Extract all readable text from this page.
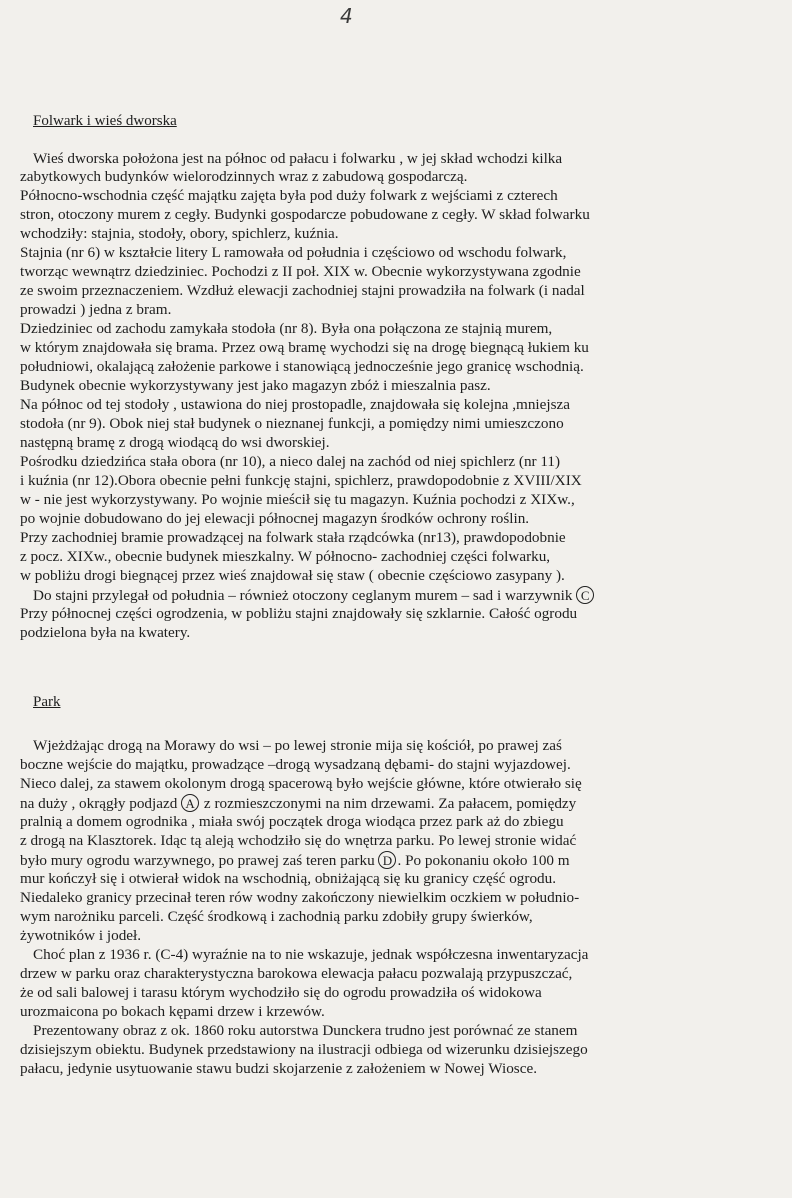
4
Folwark i wieś dworska
Wieś dworska położona jest na północ od pałacu i folwarku , w jej skład wchodzi kilka
zabytkowych budynków wielorodzinnych wraz z zabudową gospodarczą.
Północno-wschodnia część majątku zajęta była pod duży folwark z wejściami z czterech
stron, otoczony murem z cegły. Budynki gospodarcze pobudowane z cegły. W skład folwarku
wchodziły: stajnia, stodoły, obory, spichlerz, kuźnia.
Stajnia (nr 6) w kształcie litery L ramowała od południa i częściowo od wschodu folwark,
tworząc wewnątrz dziedziniec. Pochodzi z II poł. XIX w. Obecnie wykorzystywana zgodnie
ze swoim przeznaczeniem. Wzdłuż elewacji zachodniej stajni prowadziła na folwark (i nadal
prowadzi ) jedna z bram.
Dziedziniec od zachodu zamykała stodoła (nr 8). Była ona połączona ze stajnią murem,
w którym znajdowała się brama. Przez ową bramę wychodzi się na drogę biegnącą łukiem ku
południowi, okalającą założenie parkowe i stanowiącą jednocześnie jego granicę wschodnią.
Budynek obecnie wykorzystywany jest jako magazyn zbóż i mieszalnia pasz.
Na północ od tej stodoły , ustawiona do niej prostopadle, znajdowała się kolejna ,mniejsza
stodoła (nr 9). Obok niej stał budynek o nieznanej funkcji, a pomiędzy nimi umieszczono
następną bramę z drogą wiodącą do wsi dworskiej.
Pośrodku dziedzińca stała obora (nr 10), a nieco dalej na zachód od niej spichlerz (nr 11)
i kuźnia (nr 12).Obora obecnie pełni funkcję stajni, spichlerz, prawdopodobnie z XVIII/XIX
w - nie jest wykorzystywany. Po wojnie mieścił się tu magazyn. Kuźnia pochodzi z XIXw.,
po wojnie dobudowano do jej elewacji północnej magazyn środków ochrony roślin.
Przy zachodniej bramie prowadzącej na folwark stała rządcówka (nr13), prawdopodobnie
z pocz. XIXw., obecnie budynek mieszkalny. W północno- zachodniej części folwarku,
w pobliżu drogi biegnącej przez wieś znajdował się staw ( obecnie częściowo zasypany ).
Do stajni przylegał od południa – również otoczony ceglanym murem – sad i warzywnik C
Przy północnej części ogrodzenia, w pobliżu stajni znajdowały się szklarnie. Całość ogrodu
podzielona była na kwatery.
Park
Wjeżdżając drogą na Morawy do wsi – po lewej stronie mija się kościół, po prawej zaś
boczne wejście do majątku, prowadzące –drogą wysadzaną dębami- do stajni wyjazdowej.
Nieco dalej, za stawem okolonym drogą spacerową było wejście główne, które otwierało się
na duży , okrągły podjazd A z rozmieszczonymi na nim drzewami. Za pałacem, pomiędzy
pralnią a domem ogrodnika , miała swój początek droga wiodąca przez park aż do zbiegu
z drogą na Klasztorek. Idąc tą aleją wchodziło się do wnętrza parku. Po lewej stronie widać
było mury ogrodu warzywnego, po prawej zaś teren parku D . Po pokonaniu około 100 m
mur kończył się i otwierał widok na wschodnią, obniżającą się ku granicy część ogrodu.
Niedaleko granicy przecinał teren rów wodny zakończony niewielkim oczkiem w południo-
wym narożniku parceli. Część środkową i zachodnią parku zdobiły grupy świerków,
żywotników i jodeł.
Choć plan z 1936 r. (C-4) wyraźnie na to nie wskazuje, jednak współczesna inwentaryzacja
drzew w parku oraz charakterystyczna barokowa elewacja pałacu pozwalają przypuszczać,
że od sali balowej i tarasu którym wychodziło się do ogrodu prowadziła oś widokowa
urozmaicona po bokach kępami drzew i krzewów.
Prezentowany obraz z ok. 1860 roku autorstwa Dunckera trudno jest porównać ze stanem
dzisiejszym obiektu. Budynek przedstawiony na ilustracji odbiega od wizerunku dzisiejszego
pałacu, jedynie usytuowanie stawu budzi skojarzenie z założeniem w Nowej Wiosce.
